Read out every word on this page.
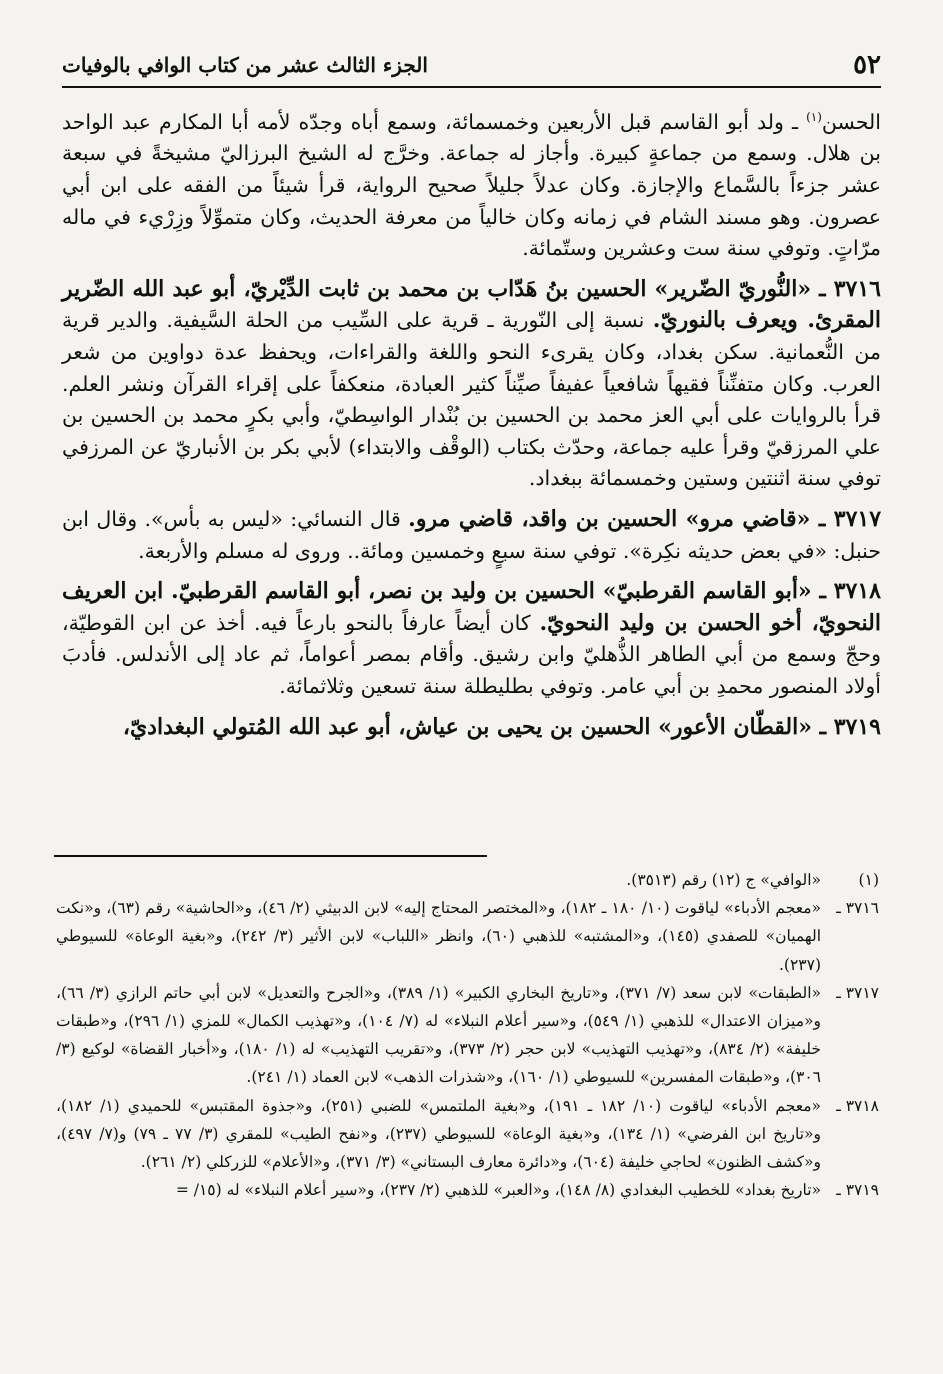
٥٢
الجزء الثالث عشر من كتاب الوافي بالوفيات

الحسن$^{(١)}$ ـ ولد أبو القاسم قبل الأربعين وخمسمائة، وسمع أباه وجدّه لأمه أبا المكارم عبد الواحد بن هلال. وسمع من جماعةٍ كبيرة. وأجاز له جماعة. وخرَّج له الشيخ البرزاليّ مشيخةً في سبعة عشر جزءاً بالسَّماع والإجازة. وكان عدلاً جليلاً صحيح الرواية، قرأ شيئاً من الفقه على ابن أبي عصرون. وهو مسند الشام في زمانه وكان خالياً من معرفة الحديث، وكان متموِّلاً وزِرْيء في ماله مرّاتٍ. وتوفي سنة ست وعشرين وستّمائة.

٣٧١٦ ـ «النُّوريّ الضّرير» الحسين بنُ هَدّاب بن محمد بن ثابت الدِّيْريّ، أبو عبد الله الضّرير المقرئ. ويعرف بالنوريّ. نسبة إلى النّورية ـ قرية على السِّيب من الحلة السَّيفية. والدير قرية من النُّعمانية. سكن بغداد، وكان يقرىء النحو واللغة والقراءات، ويحفظ عدة دواوين من شعر العرب. وكان متفنِّناً فقيهاً شافعياً عفيفاً صيِّناً كثير العبادة، منعكفاً على إقراء القرآن ونشر العلم. قرأ بالروايات على أبي العز محمد بن الحسين بن بُنْدار الواسِطيّ، وأبي بكرٍ محمد بن الحسين بن علي المرزقيّ وقرأ عليه جماعة، وحدّث بكتاب (الوقْف والابتداء) لأبي بكر بن الأنباريّ عن المرزفي توفي سنة اثنتين وستين وخمسمائة ببغداد.

٣٧١٧ ـ «قاضي مرو» الحسين بن واقد، قاضي مرو. قال النسائي: «ليس به بأس». وقال ابن حنبل: «في بعض حديثه نكِرة». توفي سنة سبعٍ وخمسين ومائة.. وروى له مسلم والأربعة.

٣٧١٨ ـ «أبو القاسم القرطبيّ» الحسين بن وليد بن نصر، أبو القاسم القرطبيّ. ابن العريف النحويّ، أخو الحسن بن وليد النحويّ. كان أيضاً عارفاً بالنحو بارعاً فيه. أخذ عن ابن القوطيّة، وحجّ وسمع من أبي الطاهر الذُّهليّ وابن رشيق. وأقام بمصر أعواماً، ثم عاد إلى الأندلس. فأدبَ أولاد المنصور محمدِ بن أبي عامر. وتوفي بطليطلة سنة تسعين وثلاثمائة.

٣٧١٩ ـ «القطّان الأعور» الحسين بن يحيى بن عياش، أبو عبد الله المُتولي البغداديّ،

(١)
«الوافي» ج (١٢) رقم (٣٥١٣).
٣٧١٦ ـ
«معجم الأدباء» لياقوت (١٠/ ١٨٠ ـ ١٨٢)، و«المختصر المحتاج إليه» لابن الدبيثي (٢/ ٤٦)، و«الحاشية» رقم (٦٣)، و«نكت الهميان» للصفدي (١٤٥)، و«المشتبه» للذهبي (٦٠)، وانظر «اللباب» لابن الأثير (٣/ ٢٤٢)، و«بغية الوعاة» للسيوطي (٢٣٧).
٣٧١٧ ـ
«الطبقات» لابن سعد (٧/ ٣٧١)، و«تاريخ البخاري الكبير» (١/ ٣٨٩)، و«الجرح والتعديل» لابن أبي حاتم الرازي (٣/ ٦٦)، و«ميزان الاعتدال» للذهبي (١/ ٥٤٩)، و«سير أعلام النبلاء» له (٧/ ١٠٤)، و«تهذيب الكمال» للمزي (١/ ٢٩٦)، و«طبقات خليفة» (٢/ ٨٣٤)، و«تهذيب التهذيب» لابن حجر (٢/ ٣٧٣)، و«تقريب التهذيب» له (١/ ١٨٠)، و«أخبار القضاة» لوكيع (٣/ ٣٠٦)، و«طبقات المفسرين» للسيوطي (١/ ١٦٠)، و«شذرات الذهب» لابن العماد (١/ ٢٤١).
٣٧١٨ ـ
«معجم الأدباء» لياقوت (١٠/ ١٨٢ ـ ١٩١)، و«بغية الملتمس» للضبي (٢٥١)، و«جذوة المقتبس» للحميدي (١/ ١٨٢)، و«تاريخ ابن الفرضي» (١/ ١٣٤)، و«بغية الوعاة» للسيوطي (٢٣٧)، و«نفح الطيب» للمقري (٣/ ٧٧ ـ ٧٩) و(٧/ ٤٩٧)، و«كشف الظنون» لحاجي خليفة (٦٠٤)، و«دائرة معارف البستاني» (٣/ ٣٧١)، و«الأعلام» للزركلي (٢/ ٢٦١).
٣٧١٩ ـ
«تاريخ بغداد» للخطيب البغدادي (٨/ ١٤٨)، و«العبر» للذهبي (٢/ ٢٣٧)، و«سير أعلام النبلاء» له (١٥/ =
